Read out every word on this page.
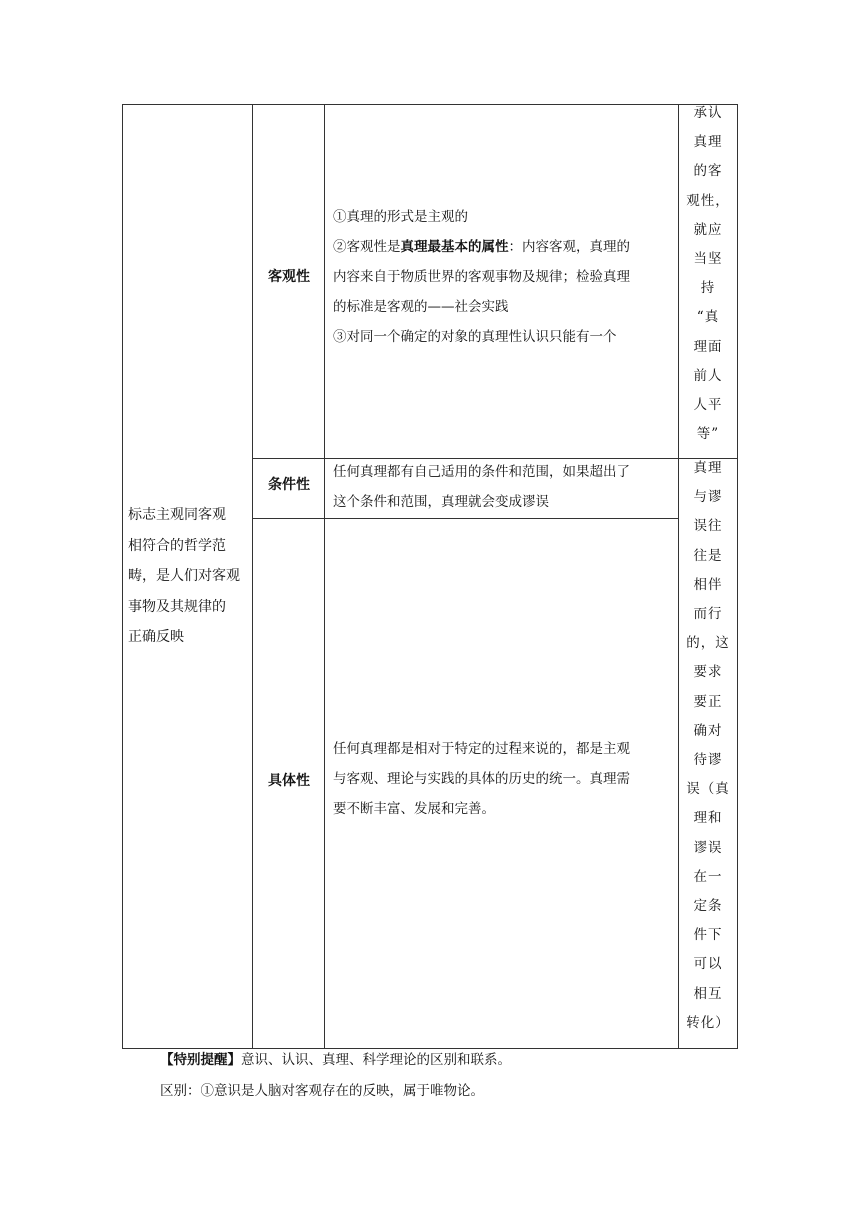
标志主观同客观
相符合的哲学范
畴，是人们对客观
事物及其规律的
正确反映
客观性
条件性
具体性

①真理的形式是主观的

②客观性是真理最基本的属性：内容客观，真理的

内容来自于物质世界的客观事物及规律；检验真理

的标准是客观的——社会实践

③对同一个确定的对象的真理性认识只能有一个

任何真理都有自己适用的条件和范围，如果超出了

这个条件和范围，真理就会变成谬误

任何真理都是相对于特定的过程来说的，都是主观

与客观、理论与实践的具体的历史的统一。真理需

要不断丰富、发展和完善。

承认
真理
的客
观性，
就应
当坚
持
“真
理面
前人
人平
等”
真理
与谬
误往
往是
相伴
而行
的，这
要求
要正
确对
待谬
误（真
理和
谬误
在一
定条
件下
可以
相互
转化）
【特别提醒】意识、认识、真理、科学理论的区别和联系。
区别：①意识是人脑对客观存在的反映，属于唯物论。
